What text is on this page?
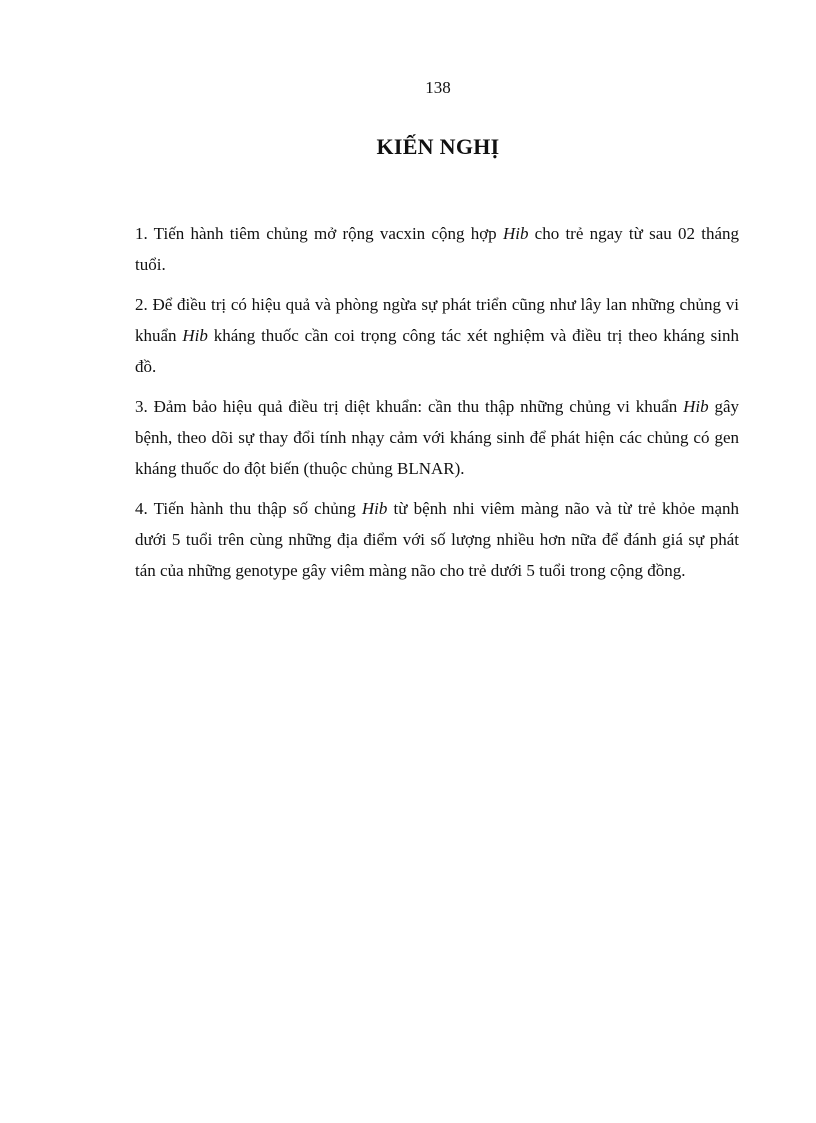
138
KIẾN NGHỊ

1. Tiến hành tiêm chủng mở rộng vacxin cộng hợp Hib cho trẻ ngay từ sau 02 tháng tuổi.

2. Để điều trị có hiệu quả và phòng ngừa sự phát triển cũng như lây lan những chủng vi khuẩn Hib kháng thuốc cần coi trọng công tác xét nghiệm và điều trị theo kháng sinh đồ.

3. Đảm bảo hiệu quả điều trị diệt khuẩn: cần thu thập những chủng vi khuẩn Hib gây bệnh, theo dõi sự thay đổi tính nhạy cảm với kháng sinh để phát hiện các chủng có gen kháng thuốc do đột biến (thuộc chủng BLNAR).

4. Tiến hành thu thập số chủng Hib từ bệnh nhi viêm màng não và từ trẻ khỏe mạnh dưới 5 tuổi trên cùng những địa điểm với số lượng nhiều hơn nữa để đánh giá sự phát tán của những genotype gây viêm màng não cho trẻ dưới 5 tuổi trong cộng đồng.
